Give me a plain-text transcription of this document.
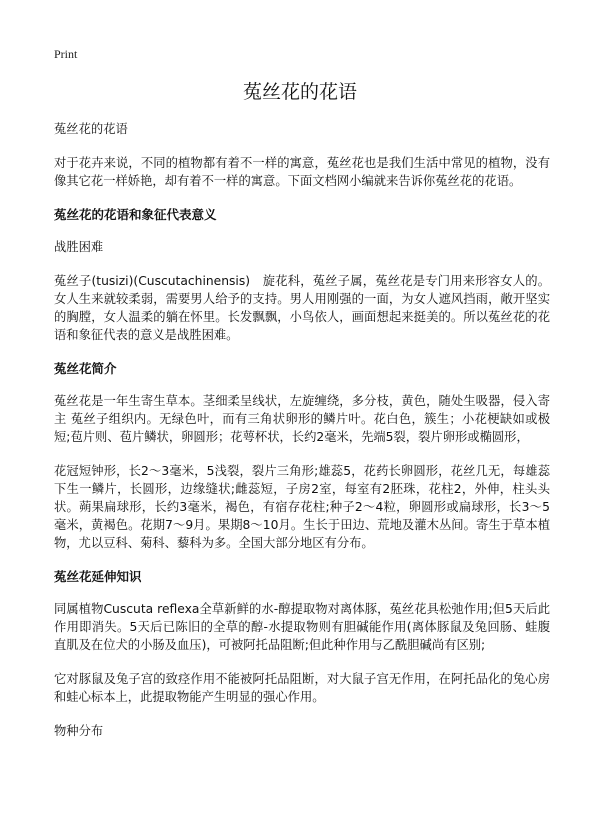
Print
菟丝花的花语

菟丝花的花语

对于花卉来说，不同的植物都有着不一样的寓意，菟丝花也是我们生活中常见的植物，没有像其它花一样娇艳，却有着不一样的寓意。下面文档网小编就来告诉你菟丝花的花语。

菟丝花的花语和象征代表意义

战胜困难

菟丝子(tusizi)(Cuscutachinensis)　旋花科，菟丝子属，菟丝花是专门用来形容女人的。女人生来就较柔弱，需要男人给予的支持。男人用刚强的一面，为女人遮风挡雨，敞开坚实的胸膛，女人温柔的躺在怀里。长发飘飘，小鸟依人，画面想起来挺美的。所以菟丝花的花语和象征代表的意义是战胜困难。

菟丝花简介

菟丝花是一年生寄生草本。茎细柔呈线状，左旋缠绕，多分枝，黄色，随处生吸器，侵入寄主 菟丝子组织内。无绿色叶，而有三角状卵形的鳞片叶。花白色，簇生；小花梗缺如或极短;苞片则、苞片鳞状，卵圆形；花萼杯状，长约2毫米，先端5裂，裂片卵形或椭圆形，

花冠短钟形，长2～3毫米，5浅裂，裂片三角形;雄蕊5，花药长卵圆形，花丝几无，每雄蕊下生一鳞片，长圆形，边缘缝状;雌蕊短，子房2室，每室有2胚珠，花柱2，外伸，柱头头状。蒴果扁球形，长约3毫米，褐色，有宿存花柱;种子2～4粒，卵圆形或扁球形，长3～5毫米，黄褐色。花期7～9月。果期8～10月。生长于田边、荒地及灌木丛间。寄生于草本植物，尤以豆科、菊科、藜科为多。全国大部分地区有分布。

菟丝花延伸知识

同属植物Cuscuta reflexa全草新鲜的水-醇提取物对离体豚，菟丝花具松弛作用;但5天后此作用即消失。5天后已陈旧的全草的醇-水提取物则有胆碱能作用(离体豚鼠及兔回肠、蛙腹直肌及在位犬的小肠及血压)，可被阿托品阻断;但此种作用与乙酰胆碱尚有区别;

它对豚鼠及兔子宫的致痉作用不能被阿托品阻断，对大鼠子宫无作用，在阿托品化的兔心房和蛙心标本上，此提取物能产生明显的强心作用。

物种分布
